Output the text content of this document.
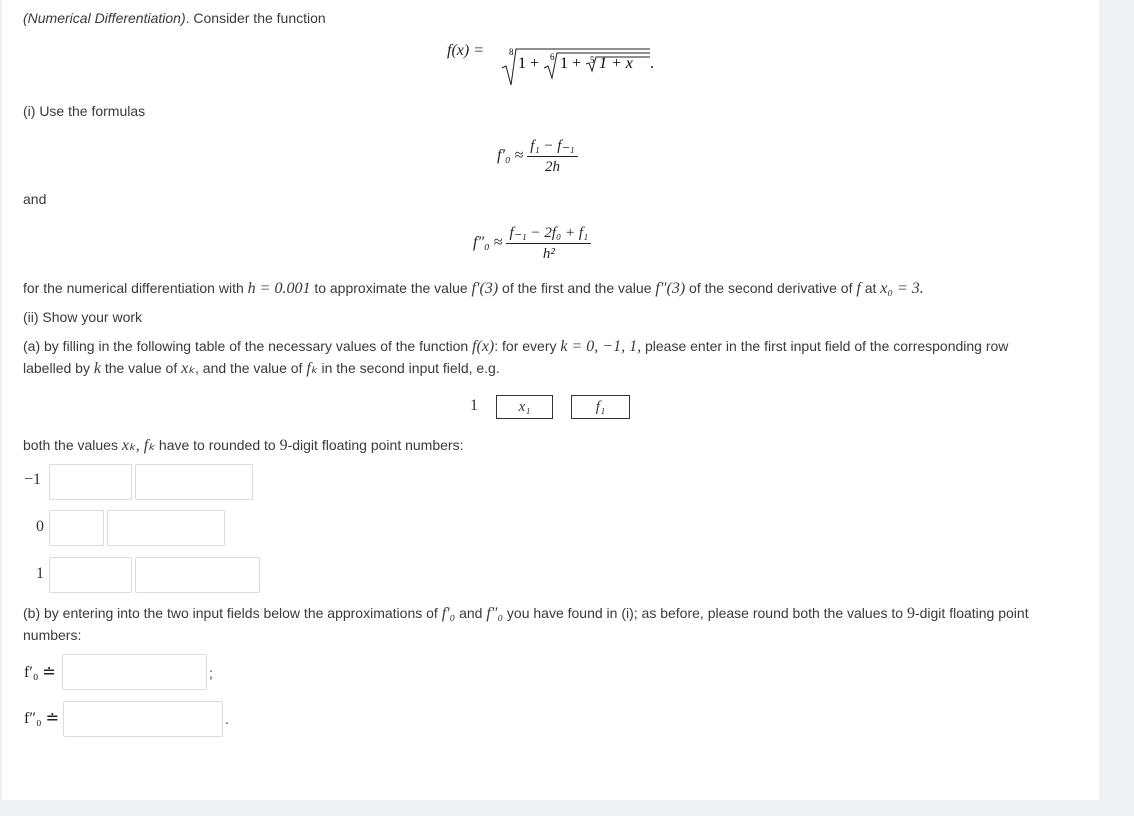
(Numerical Differentiation). Consider the function
f(x) =	8
1 + 6 1 + 5 1 + x .
(i) Use the formulas
$f'_0 \approx \frac{\text{f₁ − f₋₁}}{2h}$
and
$f''_0 \approx \frac{\text{f₋₁ − 2f₀ + f₁}}{\text{h²}}$
for the numerical differentiation with h = 0.001 to approximate the value f′(3) of the first and the value f″(3) of the second derivative of f at x₀ = 3.
(ii) Show your work
(a) by filling in the following table of the necessary values of the function f(x): for every k = 0, −1, 1, please enter in the first input field of the corresponding row
labelled by k the value of xₖ, and the value of fₖ in the second input field, e.g.
1	x₁	f₁
both the values xₖ, fₖ have to rounded to 9-digit floating point numbers:
−1
0
1
(b) by entering into the two input fields below the approximations of f′₀ and f″₀ you have found in (i); as before, please round both the values to 9-digit floating point
numbers:
f′₀ ≐	;
f″₀ ≐	.
